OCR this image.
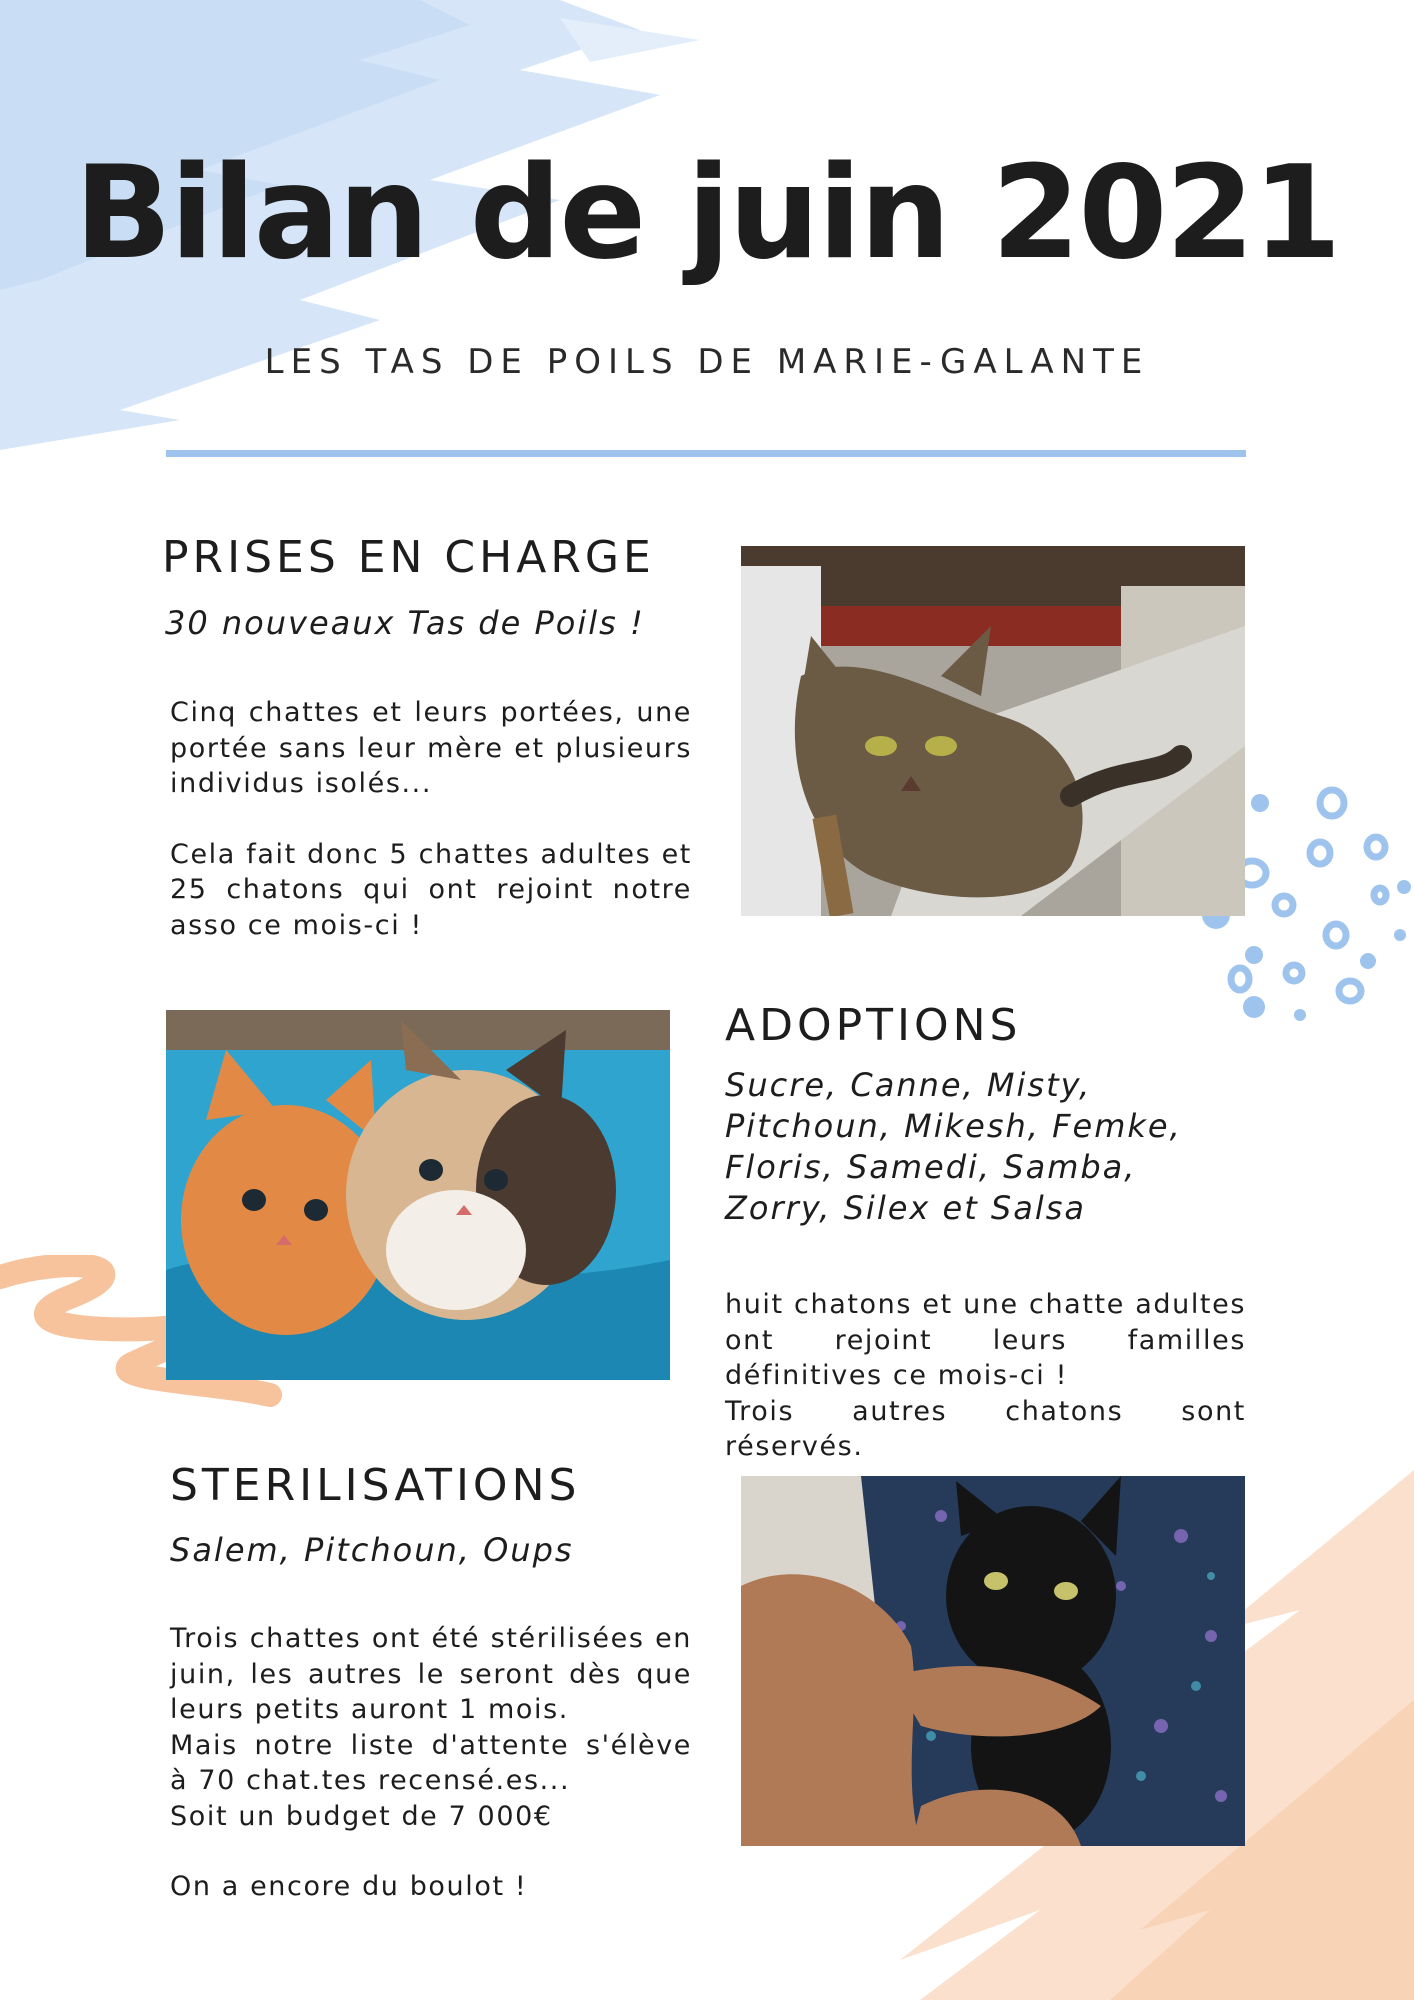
Bilan de juin 2021
LES TAS DE POILS DE MARIE-GALANTE
PRISES EN CHARGE
30 nouveaux Tas de Poils !

Cinq chattes et leurs portées, une portée sans leur mère et plusieurs individus isolés...

Cela fait donc 5 chattes adultes et 25 chatons qui ont rejoint notre asso ce mois-ci !

ADOPTIONS
Sucre, Canne, Misty, Pitchoun, Mikesh, Femke, Floris, Samedi, Samba, Zorry, Silex et Salsa

huit chatons et une chatte adultes ont rejoint leurs familles définitives ce mois-ci !

Trois autres chatons sont réservés.

STERILISATIONS
Salem, Pitchoun, Oups

Trois chattes ont été stérilisées en juin, les autres le seront dès que leurs petits auront 1 mois.

Mais notre liste d'attente s'élève à 70 chat.tes recensé.es...

Soit un budget de 7 000€

On a encore du boulot !
